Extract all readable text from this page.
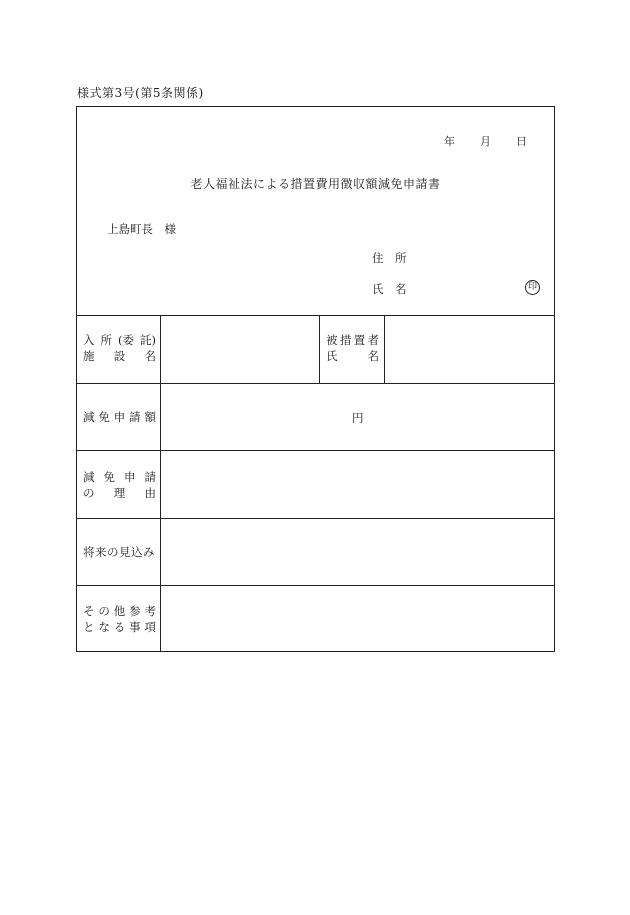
様式第3号(第5条関係)
年 月 日
老人福祉法による措置費用徴収額減免申請書
上島町長　様
住　所
氏　名	印
入 所 (委 託)
施 設 名
被 措 置 者
氏	名
減 免 申 請 額	円
減 免 申 請
の 理 由
将来の見込み
そ の 他 参 考
と な る 事 項
